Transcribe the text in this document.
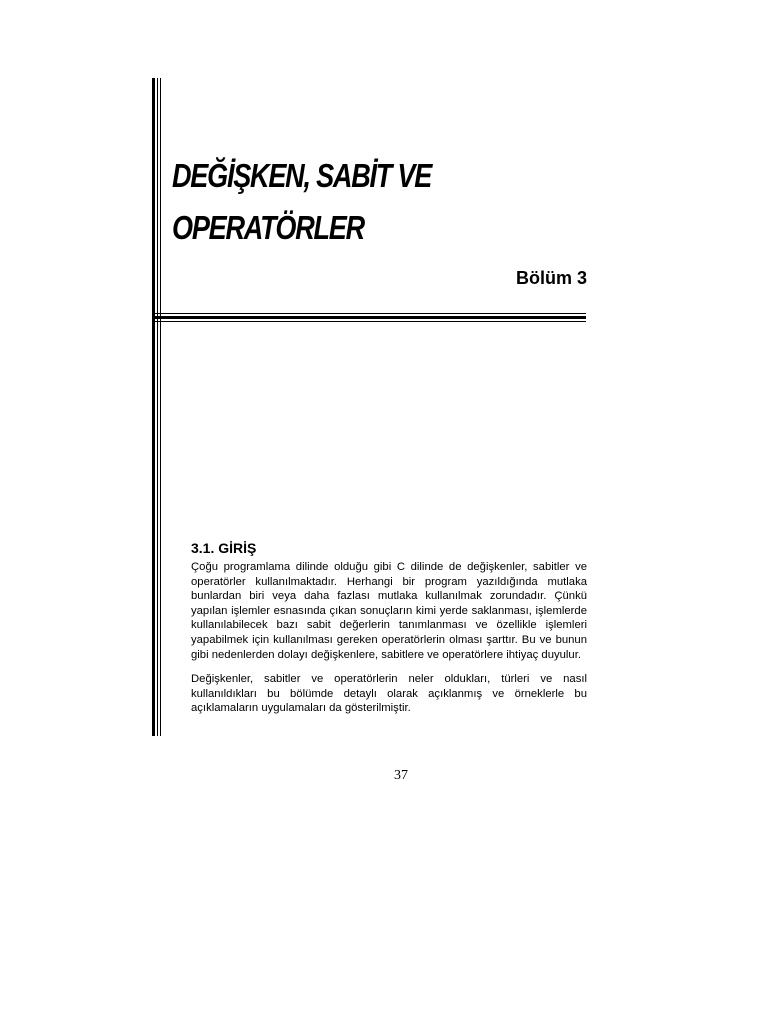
DEĞİŞKEN, SABİT VE
OPERATÖRLER

Bölüm 3

3.1. GİRİŞ

Çoğu programlama dilinde olduğu gibi C dilinde de değişkenler, sabitler ve operatörler kullanılmaktadır. Herhangi bir program yazıldığında mutlaka bunlardan biri veya daha fazlası mutlaka kullanılmak zorundadır. Çünkü yapılan işlemler esnasında çıkan sonuçların kimi yerde saklanması, işlemlerde kullanılabilecek bazı sabit değerlerin tanımlanması ve özellikle işlemleri yapabilmek için kullanılması gereken operatörlerin olması şarttır. Bu ve bunun gibi nedenlerden dolayı değişkenlere, sabitlere ve operatörlere ihtiyaç duyulur.

Değişkenler, sabitler ve operatörlerin neler oldukları, türleri ve nasıl kullanıldıkları bu bölümde detaylı olarak açıklanmış ve örneklerle bu açıklamaların uygulamaları da gösterilmiştir.

37
